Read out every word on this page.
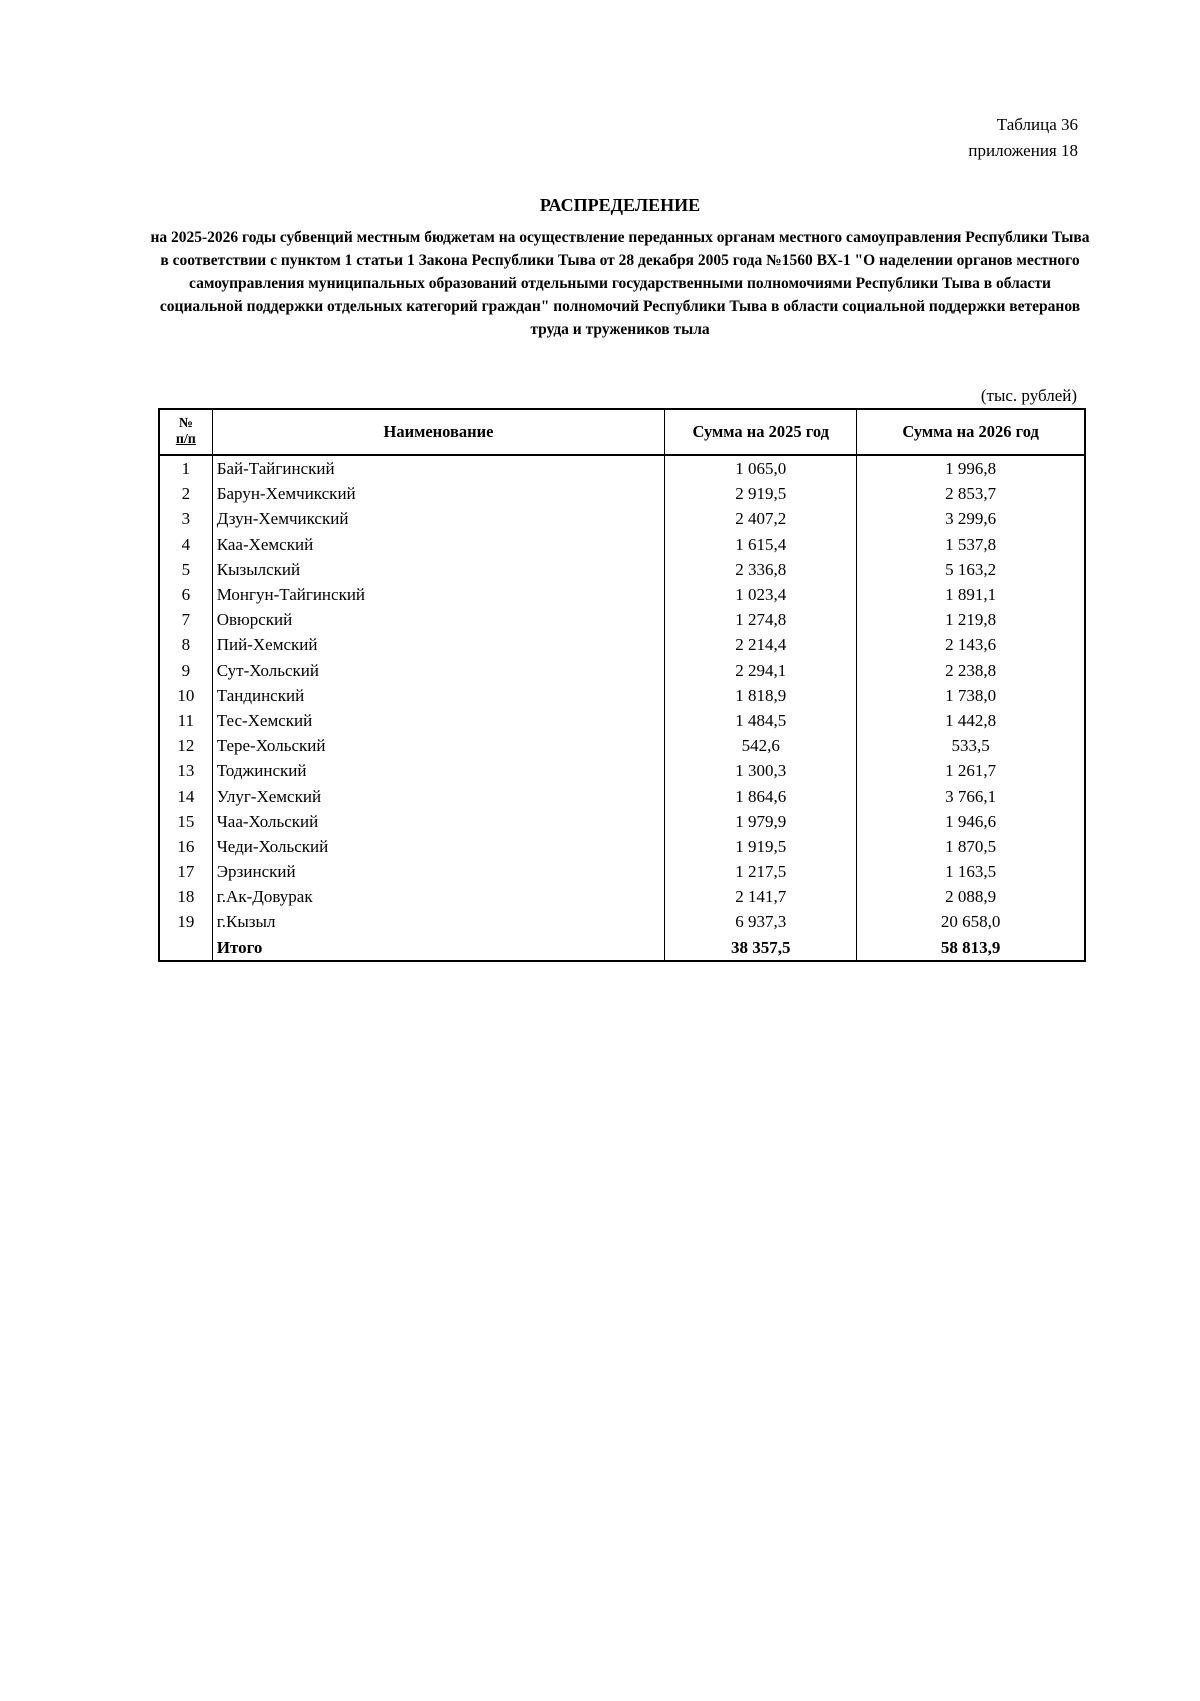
Таблица 36
приложения 18
РАСПРЕДЕЛЕНИЕ
на 2025-2026 годы субвенций местным бюджетам на осуществление переданных органам местного самоуправления Республики Тыва в соответствии с пунктом 1 статьи 1 Закона Республики Тыва от 28 декабря 2005 года №1560 ВХ-1 "О наделении органов местного самоуправления муниципальных образований отдельными государственными полномочиями Республики Тыва в области социальной поддержки отдельных категорий граждан" полномочий Республики Тыва в области социальной поддержки ветеранов труда и тружеников тыла
(тыс. рублей)
№
п/п	Наименование	Сумма на 2025 год	Сумма на 2026 год
1	Бай-Тайгинский	1 065,0	1 996,8
2	Барун-Хемчикский	2 919,5	2 853,7
3	Дзун-Хемчикский	2 407,2	3 299,6
4	Каа-Хемский	1 615,4	1 537,8
5	Кызылский	2 336,8	5 163,2
6	Монгун-Тайгинский	1 023,4	1 891,1
7	Овюрский	1 274,8	1 219,8
8	Пий-Хемский	2 214,4	2 143,6
9	Сут-Хольский	2 294,1	2 238,8
10	Тандинский	1 818,9	1 738,0
11	Тес-Хемский	1 484,5	1 442,8
12	Тере-Хольский	542,6	533,5
13	Тоджинский	1 300,3	1 261,7
14	Улуг-Хемский	1 864,6	3 766,1
15	Чаа-Хольский	1 979,9	1 946,6
16	Чеди-Хольский	1 919,5	1 870,5
17	Эрзинский	1 217,5	1 163,5
18	г.Ак-Довурак	2 141,7	2 088,9
19	г.Кызыл	6 937,3	20 658,0
	Итого	38 357,5	58 813,9
